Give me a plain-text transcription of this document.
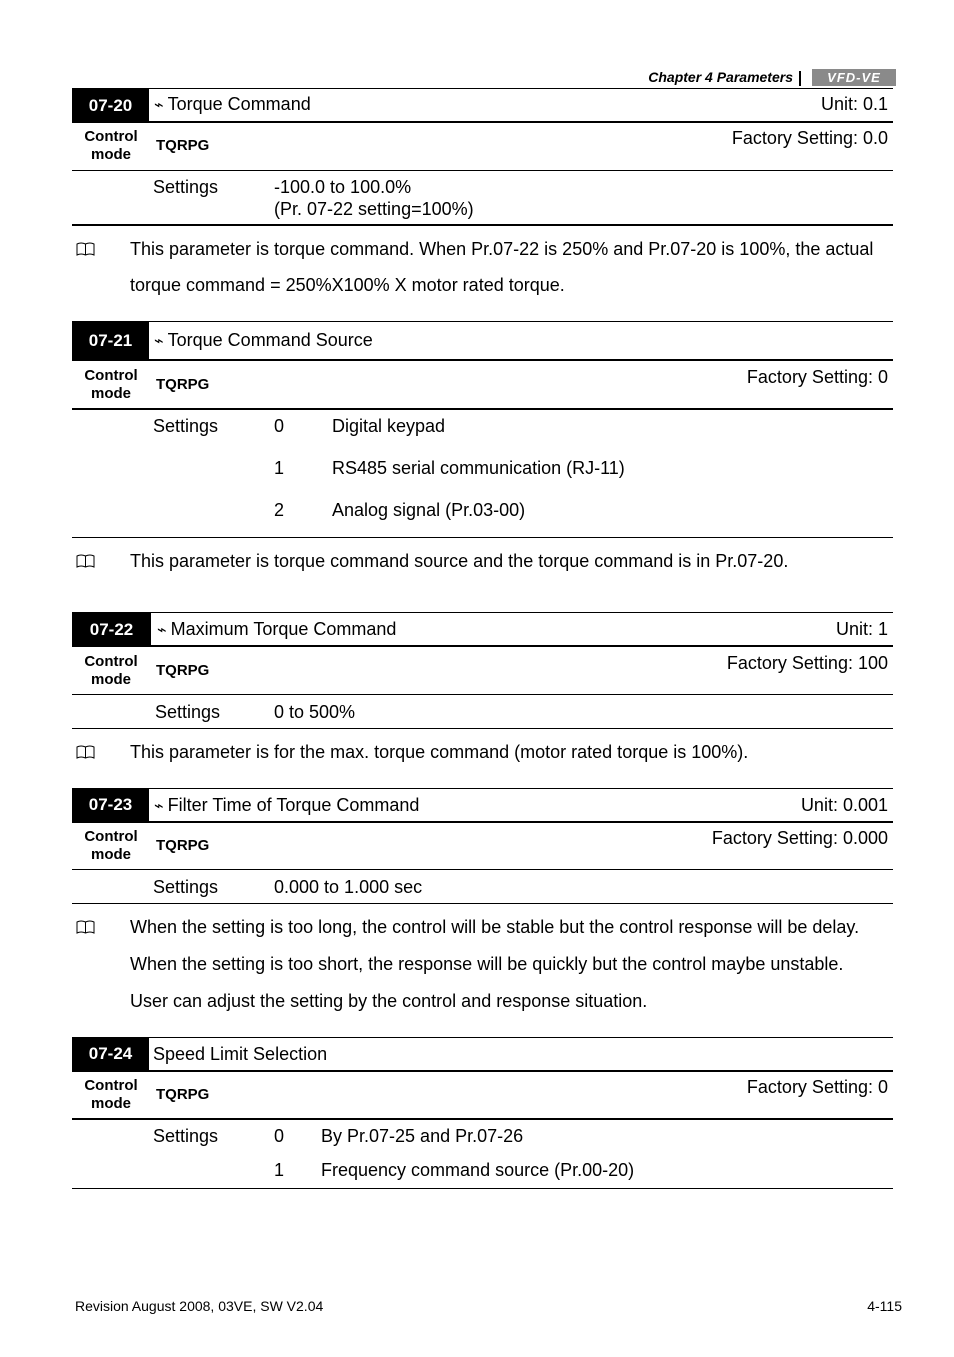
Chapter 4 Parameters	VFD-VE
07-20	⌁ Torque Command	Unit: 0.1
Control mode
TQRPG	Factory Setting: 0.0
Settings	-100.0 to 100.0%
(Pr. 07-22 setting=100%)
This parameter is torque command. When Pr.07-22 is 250% and Pr.07-20 is 100%, the actual
torque command = 250%X100% X motor rated torque.
07-21	⌁ Torque Command Source
Control mode
TQRPG	Factory Setting: 0
Settings	0	Digital keypad
1	RS485 serial communication (RJ-11)
2	Analog signal (Pr.03-00)
This parameter is torque command source and the torque command is in Pr.07-20.
07-22	⌁ Maximum Torque Command	Unit: 1
Control mode
TQRPG	Factory Setting: 100
Settings	0 to 500%
This parameter is for the max. torque command (motor rated torque is 100%).
07-23	⌁ Filter Time of Torque Command	Unit: 0.001
Control mode
TQRPG	Factory Setting: 0.000
Settings	0.000 to 1.000 sec
When the setting is too long, the control will be stable but the control response will be delay.
When the setting is too short, the response will be quickly but the control maybe unstable.
User can adjust the setting by the control and response situation.
07-24	Speed Limit Selection
Control mode
TQRPG	Factory Setting: 0
Settings	0 By Pr.07-25 and Pr.07-26
1 Frequency command source (Pr.00-20)
Revision August 2008, 03VE, SW V2.04	4-115
